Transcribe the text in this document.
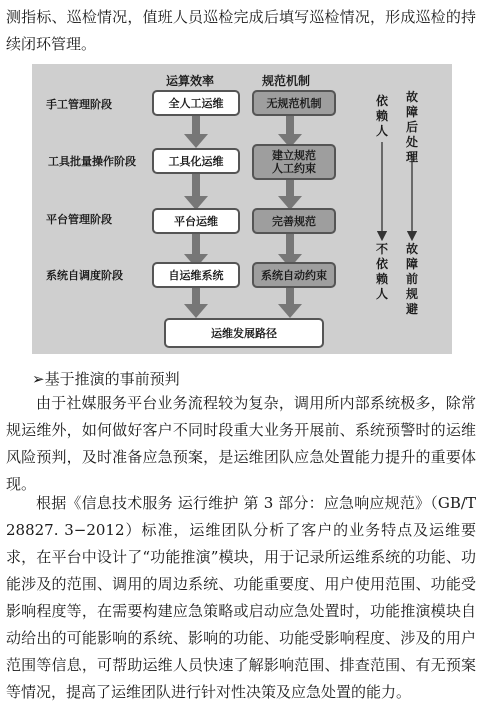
测指标、巡检情况，值班人员巡检完成后填写巡检情况，形成巡检的持续闭环管理。
运算效率	规范机制
手工管理阶段
工具批量操作阶段
平台管理阶段
系统自调度阶段
全人工运维
工具化运维
平台运维
自运维系统
无规范机制
建立规范
人工约束
完善规范
系统自动约束
运维发展路径
依赖人
不依赖人
故障后处理
故障前规避
➢基于推演的事前预判
由于社媒服务平台业务流程较为复杂，调用所内部系统极多，除常规运维外，如何做好客户不同时段重大业务开展前、系统预警时的运维风险预判，及时准备应急预案，是运维团队应急处置能力提升的重要体现。
根据《信息技术服务 运行维护 第 3 部分：应急响应规范》（GB/T 28827. 3−2012）标准，运维团队分析了客户的业务特点及运维要求，在平台中设计了“功能推演”模块，用于记录所运维系统的功能、功能涉及的范围、调用的周边系统、功能重要度、用户使用范围、功能受影响程度等，在需要构建应急策略或启动应急处置时，功能推演模块自动给出的可能影响的系统、影响的功能、功能受影响程度、涉及的用户范围等信息，可帮助运维人员快速了解影响范围、排查范围、有无预案等情况，提高了运维团队进行针对性决策及应急处置的能力。
